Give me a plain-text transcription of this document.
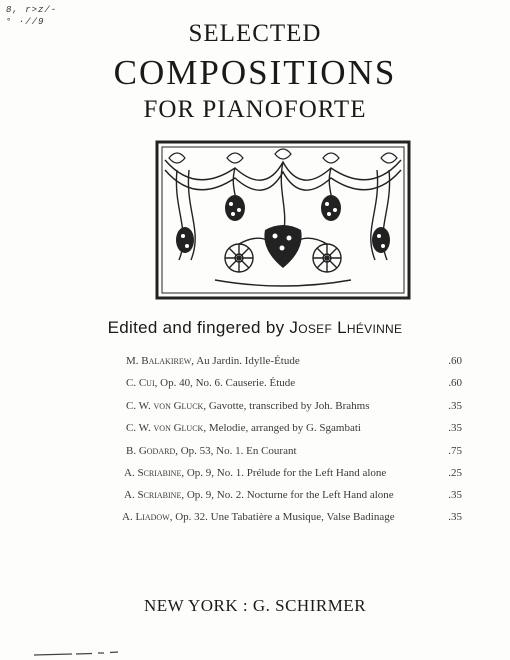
8, r>z/-
° ·//9	SELECTED
COMPOSITIONS
FOR PIANOFORTE
Edited and fingered by Josef Lhévinne
M. Balakirew, Au Jardin. Idylle-Étude	.60
C. Cui, Op. 40, No. 6. Causerie. Étude	.60
C. W. von Gluck, Gavotte, transcribed by Joh. Brahms	.35
C. W. von Gluck, Melodie, arranged by G. Sgambati	.35
B. Godard, Op. 53, No. 1. En Courant	.75
A. Scriabine, Op. 9, No. 1. Prélude for the Left Hand alone	.25
A. Scriabine, Op. 9, No. 2. Nocturne for the Left Hand alone	.35
A. Liadow, Op. 32. Une Tabatière a Musique, Valse Badinage	.35
NEW YORK : G. SCHIRMER
